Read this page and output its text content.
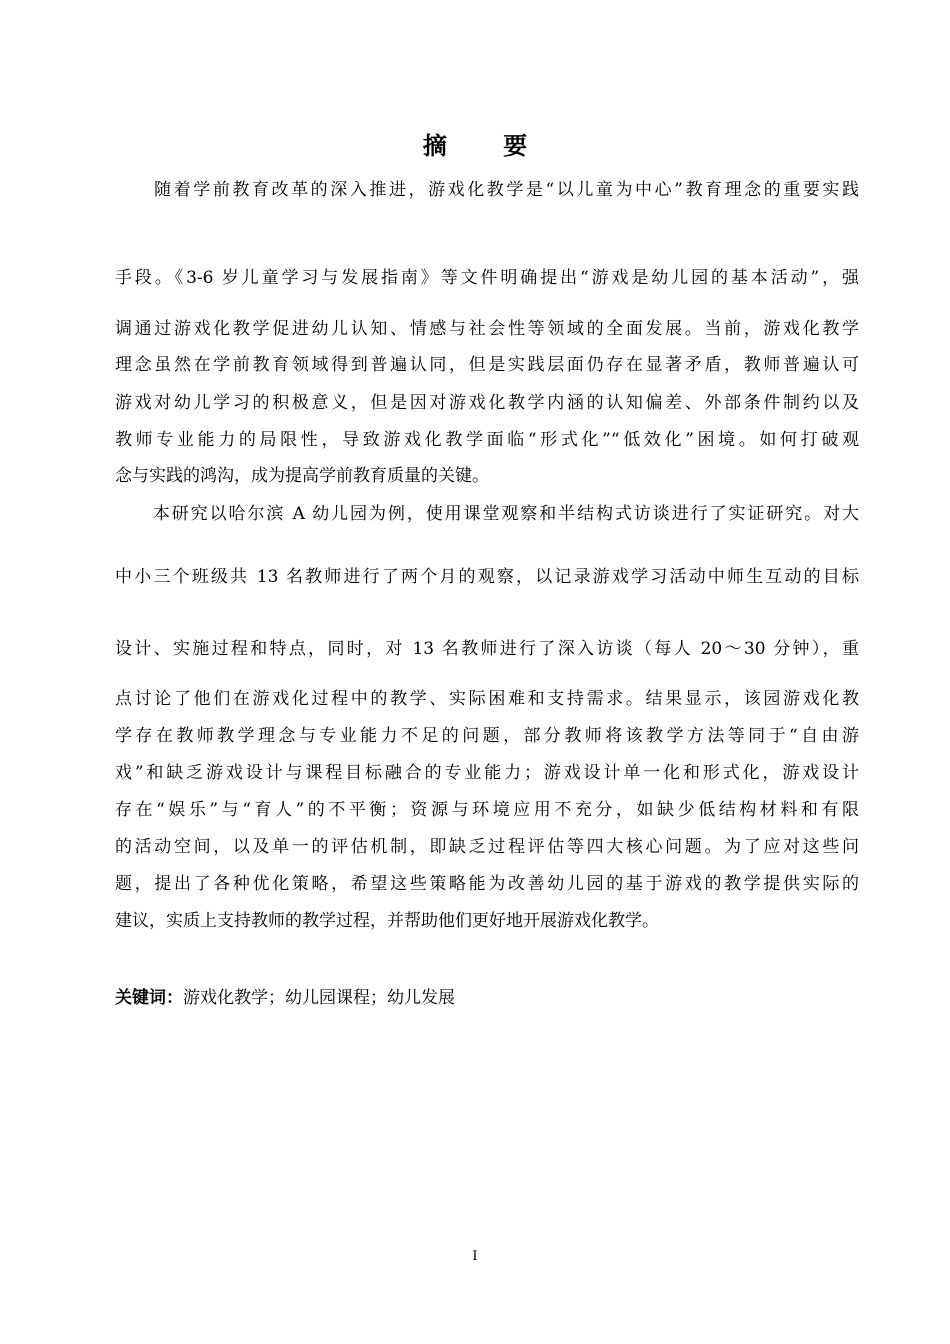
摘 要
　　随着学前教育改革的深入推进，游戏化教学是“以儿童为中心”教育理念的重要实践
手段。《3-6 岁儿童学习与发展指南》等文件明确提出“游戏是幼儿园的基本活动”，强
调通过游戏化教学促进幼儿认知、情感与社会性等领域的全面发展。当前，游戏化教学
理念虽然在学前教育领域得到普遍认同，但是实践层面仍存在显著矛盾，教师普遍认可
游戏对幼儿学习的积极意义，但是因对游戏化教学内涵的认知偏差、外部条件制约以及
教师专业能力的局限性，导致游戏化教学面临“形式化”“低效化”困境。如何打破观
念与实践的鸿沟，成为提高学前教育质量的关键。
　　本研究以哈尔滨 A 幼儿园为例，使用课堂观察和半结构式访谈进行了实证研究。对大
中小三个班级共 13 名教师进行了两个月的观察，以记录游戏学习活动中师生互动的目标
设计、实施过程和特点，同时，对 13 名教师进行了深入访谈（每人 20～30 分钟），重
点讨论了他们在游戏化过程中的教学、实际困难和支持需求。结果显示，该园游戏化教
学存在教师教学理念与专业能力不足的问题，部分教师将该教学方法等同于“自由游
戏”和缺乏游戏设计与课程目标融合的专业能力；游戏设计单一化和形式化，游戏设计
存在“娱乐”与“育人”的不平衡；资源与环境应用不充分，如缺少低结构材料和有限
的活动空间，以及单一的评估机制，即缺乏过程评估等四大核心问题。为了应对这些问
题，提出了各种优化策略，希望这些策略能为改善幼儿园的基于游戏的教学提供实际的
建议，实质上支持教师的教学过程，并帮助他们更好地开展游戏化教学。
关键词：游戏化教学；幼儿园课程；幼儿发展
I
